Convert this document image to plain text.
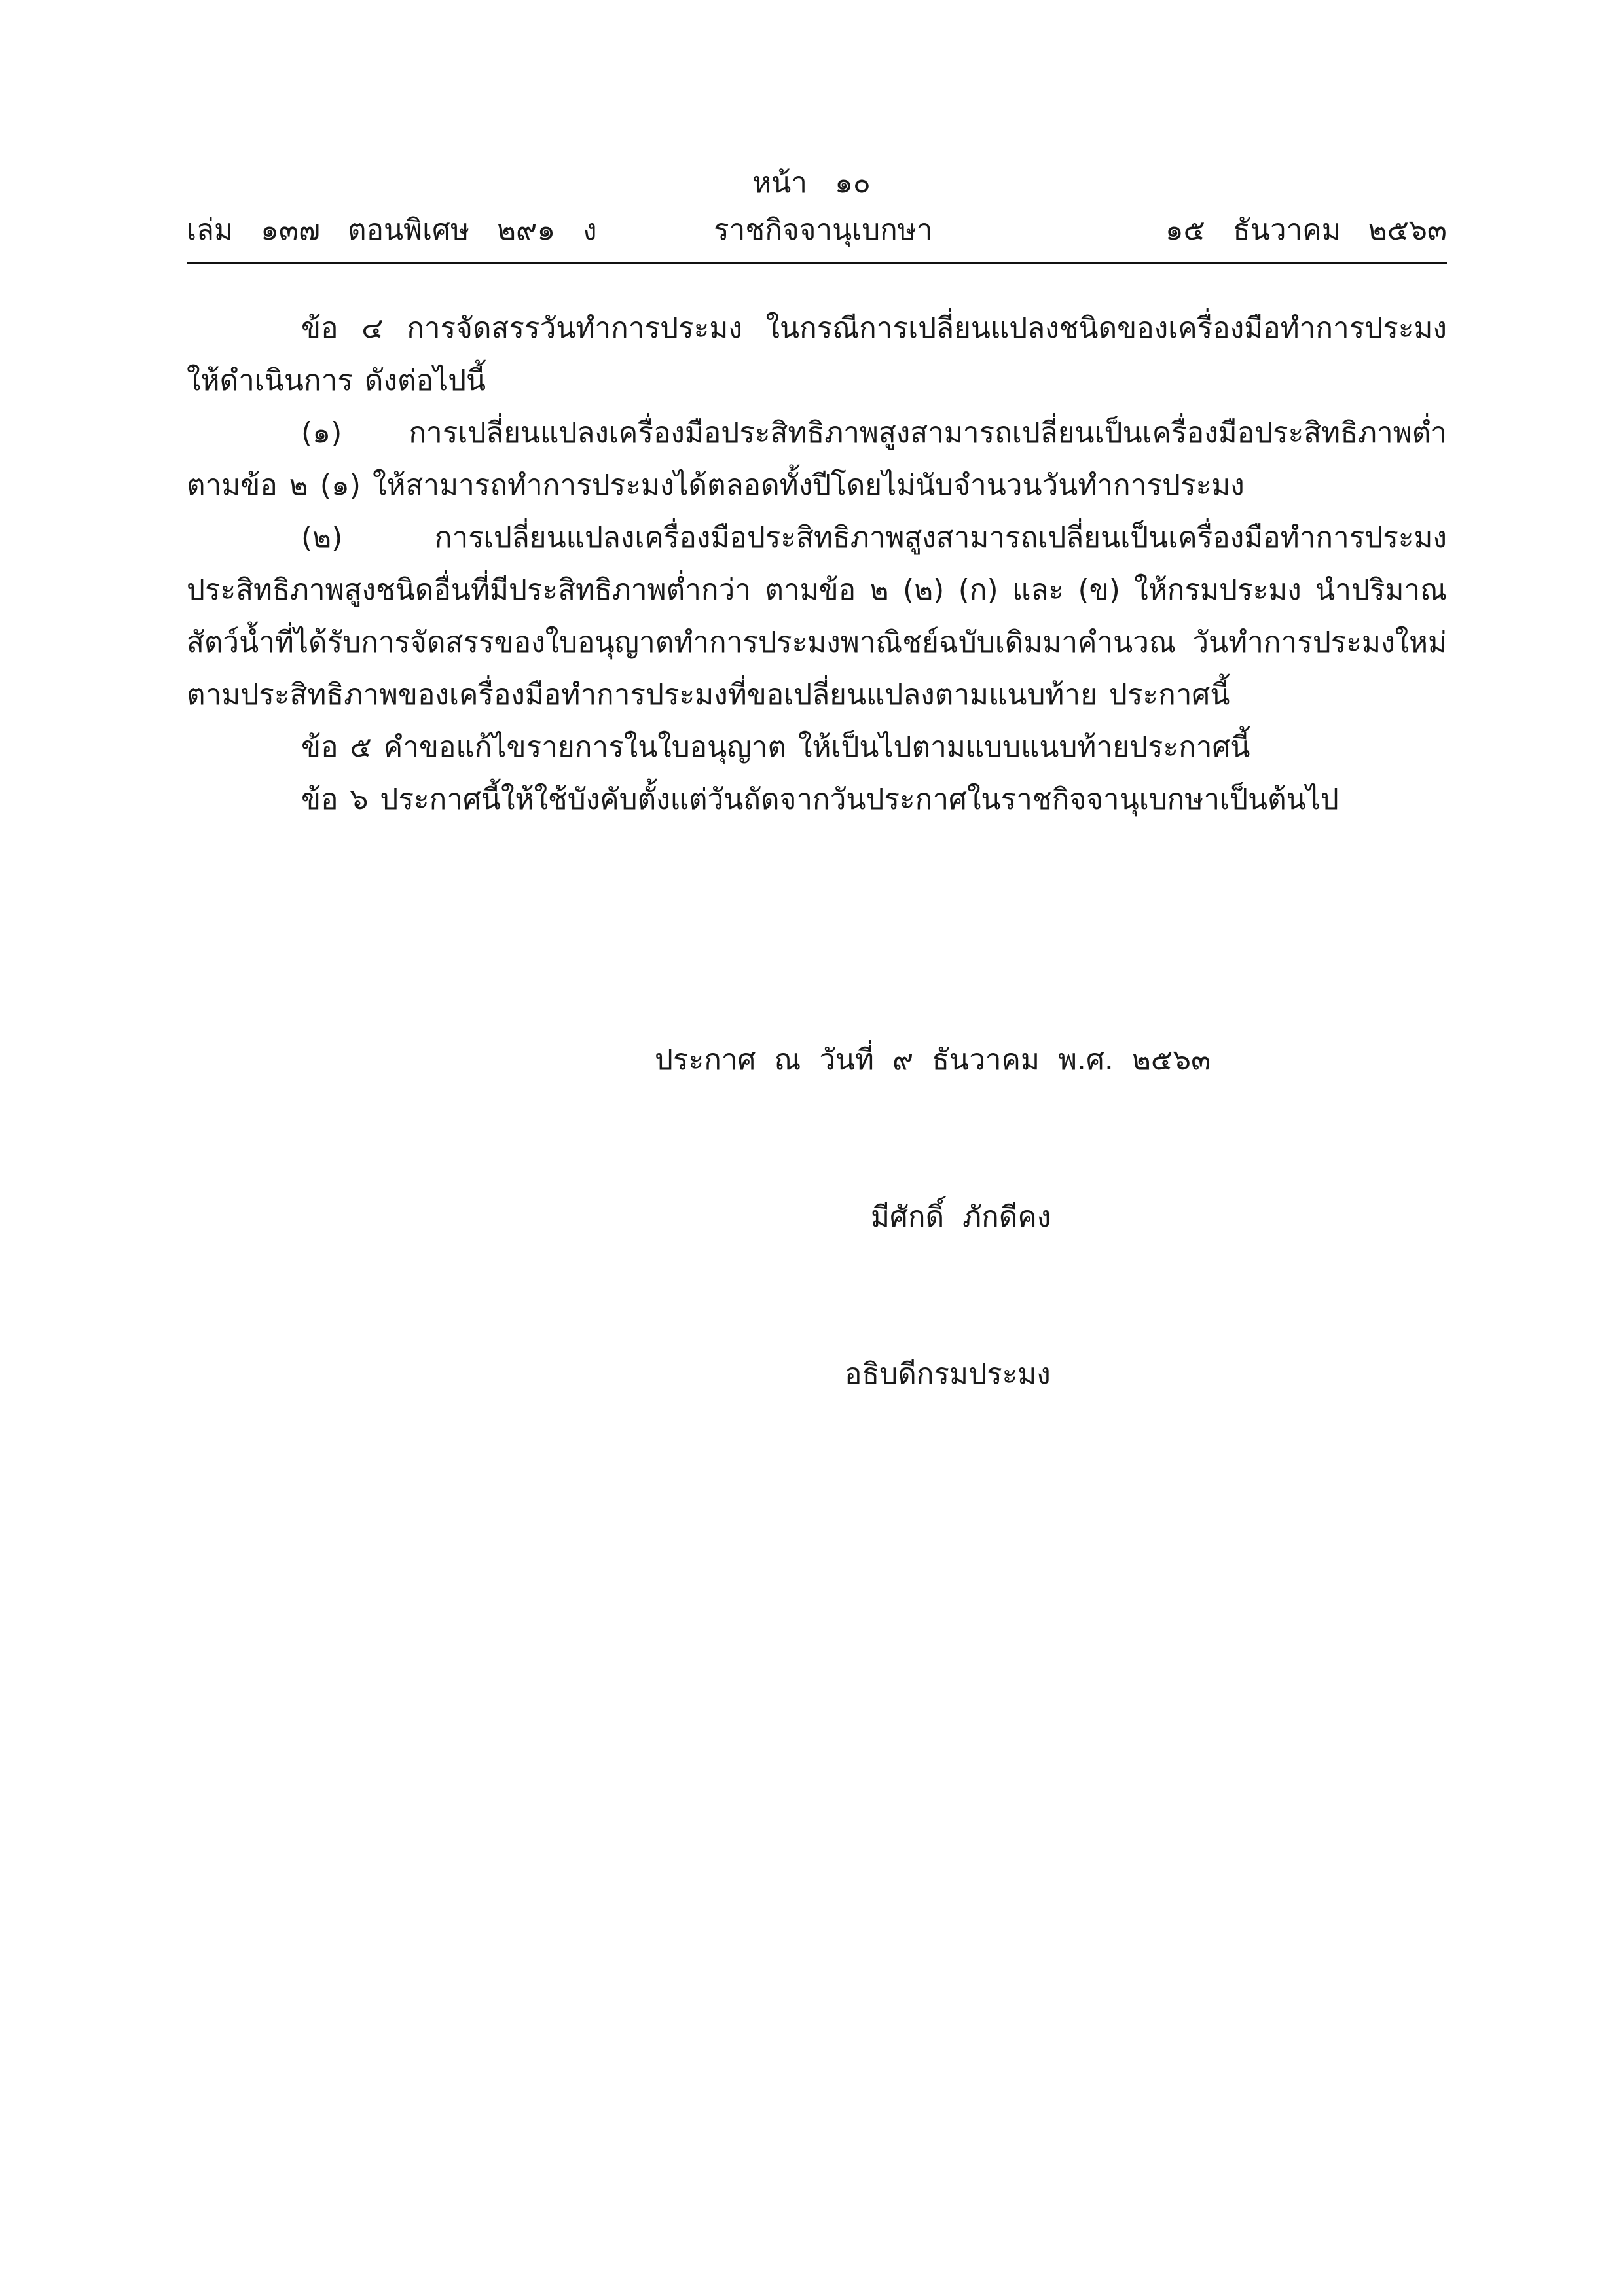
หน้า   ๑๐

เล่ม   ๑๓๗   ตอนพิเศษ   ๒๙๑   ง

	ราชกิจจานุเบกษา

	๑๕   ธันวาคม   ๒๕๖๓

ข้อ ๔ การจัดสรรวันทำการประมง ในกรณีการเปลี่ยนแปลงชนิดของเครื่องมือทำการประมง ให้ดำเนินการ ดังต่อไปนี้

(๑) การเปลี่ยนแปลงเครื่องมือประสิทธิภาพสูงสามารถเปลี่ยนเป็นเครื่องมือประสิทธิภาพต่ำ ตามข้อ ๒ (๑) ให้สามารถทำการประมงได้ตลอดทั้งปีโดยไม่นับจำนวนวันทำการประมง

(๒) การเปลี่ยนแปลงเครื่องมือประสิทธิภาพสูงสามารถเปลี่ยนเป็นเครื่องมือทำการประมง ประสิทธิภาพสูงชนิดอื่นที่มีประสิทธิภาพต่ำกว่า ตามข้อ ๒ (๒) (ก) และ (ข) ให้กรมประมง นำปริมาณสัตว์น้ำที่ได้รับการจัดสรรของใบอนุญาตทำการประมงพาณิชย์ฉบับเดิมมาคำนวณ วันทำการประมงใหม่ตามประสิทธิภาพของเครื่องมือทำการประมงที่ขอเปลี่ยนแปลงตามแนบท้าย ประกาศนี้

ข้อ ๕ คำขอแก้ไขรายการในใบอนุญาต ให้เป็นไปตามแบบแนบท้ายประกาศนี้

ข้อ ๖ ประกาศนี้ให้ใช้บังคับตั้งแต่วันถัดจากวันประกาศในราชกิจจานุเบกษาเป็นต้นไป

ประกาศ  ณ  วันที่  ๙  ธันวาคม  พ.ศ.  ๒๕๖๓

มีศักดิ์  ภักดีคง

อธิบดีกรมประมง
